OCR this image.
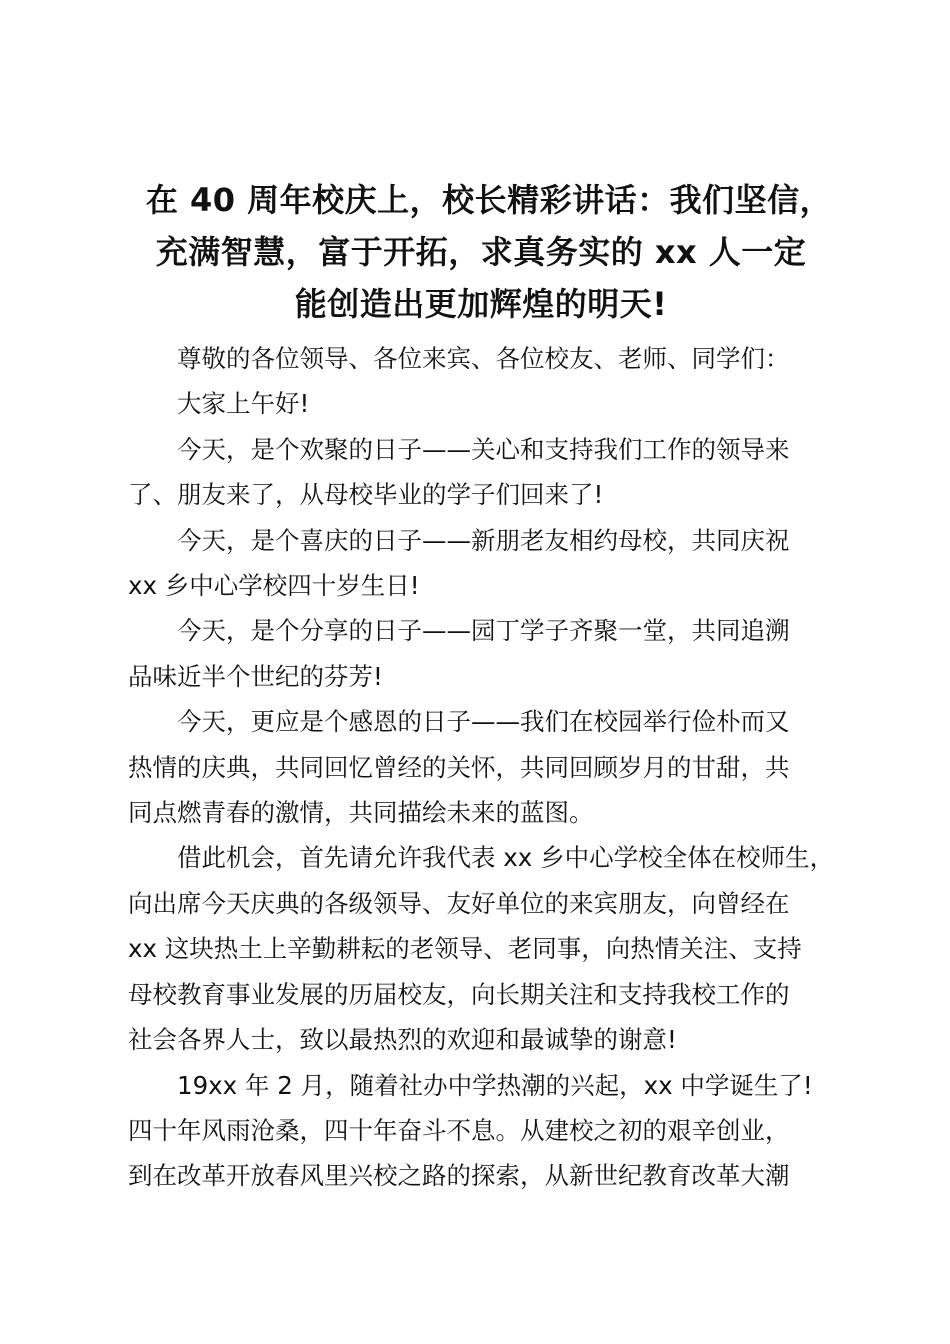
在 40 周年校庆上，校长精彩讲话：我们坚信，
充满智慧，富于开拓，求真务实的 xx 人一定
能创造出更加辉煌的明天!

尊敬的各位领导、各位来宾、各位校友、老师、同学们：

大家上午好!

今天，是个欢聚的日子——关心和支持我们工作的领导来
了、朋友来了，从母校毕业的学子们回来了!

今天，是个喜庆的日子——新朋老友相约母校，共同庆祝
xx 乡中心学校四十岁生日!

今天，是个分享的日子——园丁学子齐聚一堂，共同追溯
品味近半个世纪的芬芳!

今天，更应是个感恩的日子——我们在校园举行俭朴而又
热情的庆典，共同回忆曾经的关怀，共同回顾岁月的甘甜，共
同点燃青春的激情，共同描绘未来的蓝图。

借此机会，首先请允许我代表 xx 乡中心学校全体在校师生，
向出席今天庆典的各级领导、友好单位的来宾朋友，向曾经在
xx 这块热土上辛勤耕耘的老领导、老同事，向热情关注、支持
母校教育事业发展的历届校友，向长期关注和支持我校工作的
社会各界人士，致以最热烈的欢迎和最诚挚的谢意!

19xx 年 2 月，随着社办中学热潮的兴起，xx 中学诞生了!
四十年风雨沧桑，四十年奋斗不息。从建校之初的艰辛创业，
到在改革开放春风里兴校之路的探索，从新世纪教育改革大潮
